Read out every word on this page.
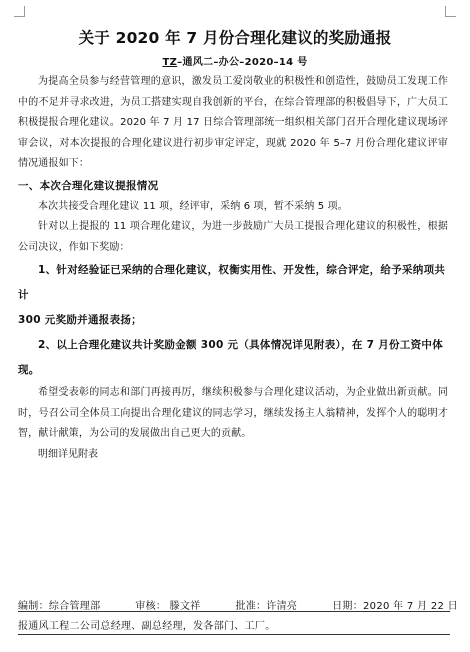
关于 2020 年 7 月份合理化建议的奖励通报
TZ–通风二–办公–2020–14 号

为提高全员参与经营管理的意识，激发员工爱岗敬业的积极性和创造性，鼓励员工发现工作中的不足并寻求改进，为员工搭建实现自我创新的平台，在综合管理部的积极倡导下，广大员工积极提报合理化建议。2020 年 7 月 17 日综合管理部统一组织相关部门召开合理化建议现场评审会议，对本次提报的合理化建议进行初步审定评定，现就 2020 年 5–7 月份合理化建议评审情况通报如下：

一、本次合理化建议提报情况

本次共接受合理化建议 11 项，经评审，采纳 6 项，暂不采纳 5 项。

针对以上提报的 11 项合理化建议，为进一步鼓励广大员工提报合理化建议的积极性，根据公司决议，作如下奖励：

1、针对经验证已采纳的合理化建议，权衡实用性、开发性，综合评定，给予采纳项共计

300 元奖励并通报表扬；

2、以上合理化建议共计奖励金额 300 元（具体情况详见附表），在 7 月份工资中体现。

希望受表彰的同志和部门再接再厉，继续积极参与合理化建议活动，为企业做出新贡献。同时，号召公司全体员工向提出合理化建议的同志学习，继续发扬主人翁精神，发挥个人的聪明才智，献计献策，为公司的发展做出自己更大的贡献。

明细详见附表

编制：综合管理部	审核： 滕文祥	批准：许清亮	日期：2020 年 7 月 22 日
报通风工程二公司总经理、副总经理，发各部门、工厂。
